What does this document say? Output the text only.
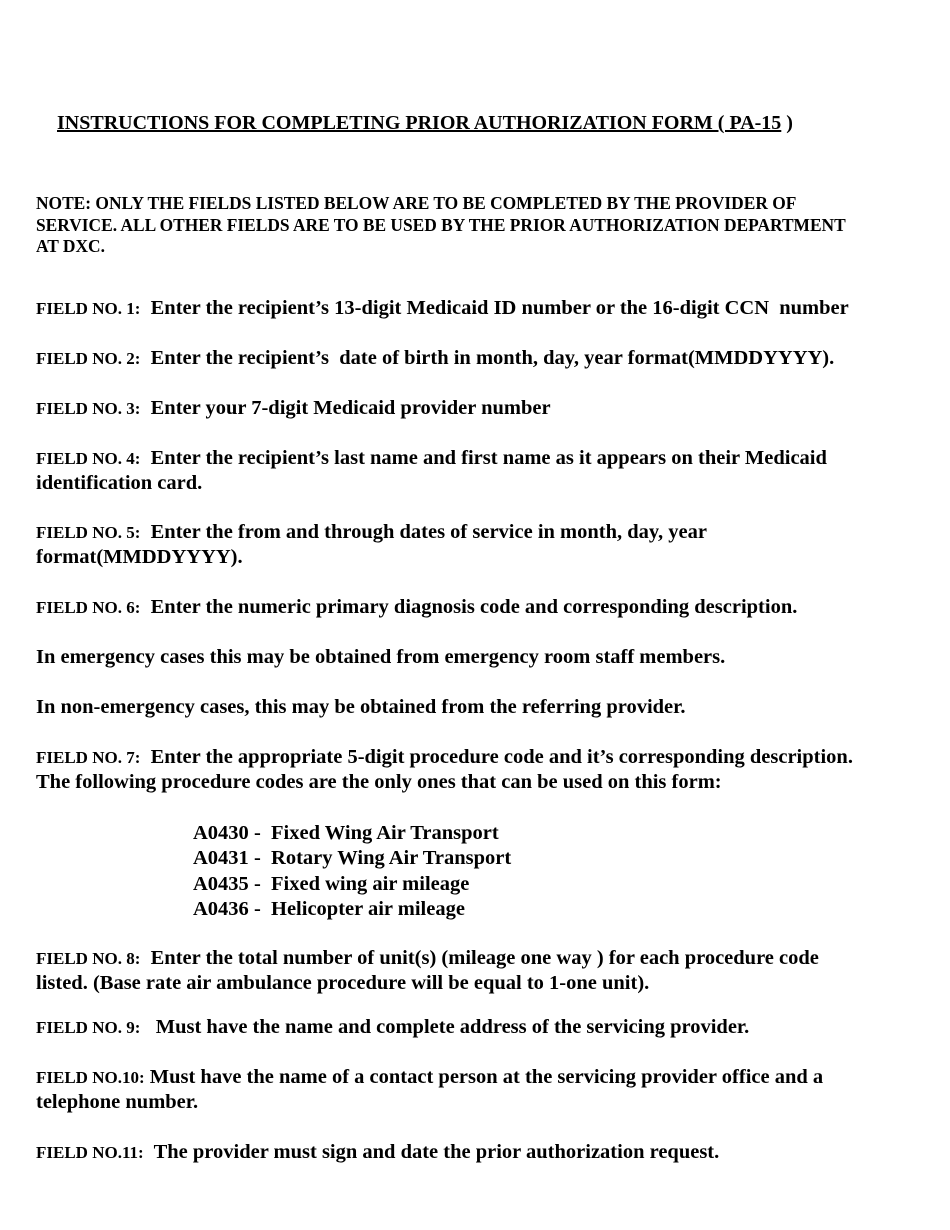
INSTRUCTIONS FOR COMPLETING PRIOR AUTHORIZATION FORM ( PA-15 )
NOTE: ONLY THE FIELDS LISTED BELOW ARE TO BE COMPLETED BY THE PROVIDER OF
SERVICE. ALL OTHER FIELDS ARE TO BE USED BY THE PRIOR AUTHORIZATION DEPARTMENT
AT DXC.
FIELD NO. 1:  Enter the recipient’s 13-digit Medicaid ID number or the 16-digit CCN  number
FIELD NO. 2:  Enter the recipient’s  date of birth in month, day, year format(MMDDYYYY).
FIELD NO. 3:  Enter your 7-digit Medicaid provider number
FIELD NO. 4:  Enter the recipient’s last name and first name as it appears on their Medicaid
identification card.
FIELD NO. 5:  Enter the from and through dates of service in month, day, year
format(MMDDYYYY).
FIELD NO. 6:  Enter the numeric primary diagnosis code and corresponding description.
In emergency cases this may be obtained from emergency room staff members.
In non-emergency cases, this may be obtained from the referring provider.
FIELD NO. 7:  Enter the appropriate 5-digit procedure code and it’s corresponding description.
The following procedure codes are the only ones that can be used on this form:
A0430 -  Fixed Wing Air Transport
A0431 -  Rotary Wing Air Transport
A0435 -  Fixed wing air mileage
A0436 -  Helicopter air mileage
FIELD NO. 8:  Enter the total number of unit(s) (mileage one way ) for each procedure code
listed. (Base rate air ambulance procedure will be equal to 1-one unit).
FIELD NO. 9:   Must have the name and complete address of the servicing provider.
FIELD NO.10: Must have the name of a contact person at the servicing provider office and a
telephone number.
FIELD NO.11:  The provider must sign and date the prior authorization request.
